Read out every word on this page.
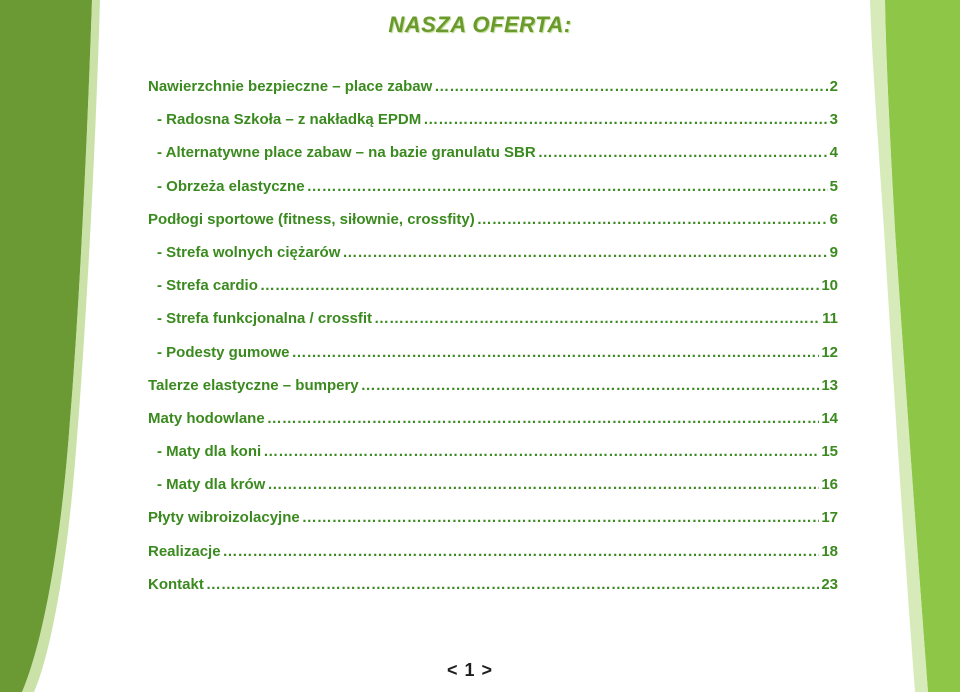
NASZA OFERTA:
Nawierzchnie bezpieczne – place zabaw ………………………………………………………………………………………………………………………………………………………	2
- Radosna Szkoła – z nakładką EPDM ………………………………………………………………………………………………………………………………………………………	3
- Alternatywne place zabaw – na bazie granulatu SBR ………………………………………………………………………………………………………………………………………………………	4
- Obrzeża elastyczne ………………………………………………………………………………………………………………………………………………………	5
Podłogi sportowe (fitness, siłownie, crossfity) ………………………………………………………………………………………………………………………………………………………	6
- Strefa wolnych ciężarów ………………………………………………………………………………………………………………………………………………………	9
- Strefa cardio ………………………………………………………………………………………………………………………………………………………	10
- Strefa funkcjonalna / crossfit ………………………………………………………………………………………………………………………………………………………	11
- Podesty gumowe ………………………………………………………………………………………………………………………………………………………	12
Talerze elastyczne – bumpery ………………………………………………………………………………………………………………………………………………………	13
Maty hodowlane ………………………………………………………………………………………………………………………………………………………	14
- Maty dla koni ………………………………………………………………………………………………………………………………………………………	15
- Maty dla krów ………………………………………………………………………………………………………………………………………………………	16
Płyty wibroizolacyjne ………………………………………………………………………………………………………………………………………………………	17
Realizacje ………………………………………………………………………………………………………………………………………………………	18
Kontakt ………………………………………………………………………………………………………………………………………………………	23
< 1 >
